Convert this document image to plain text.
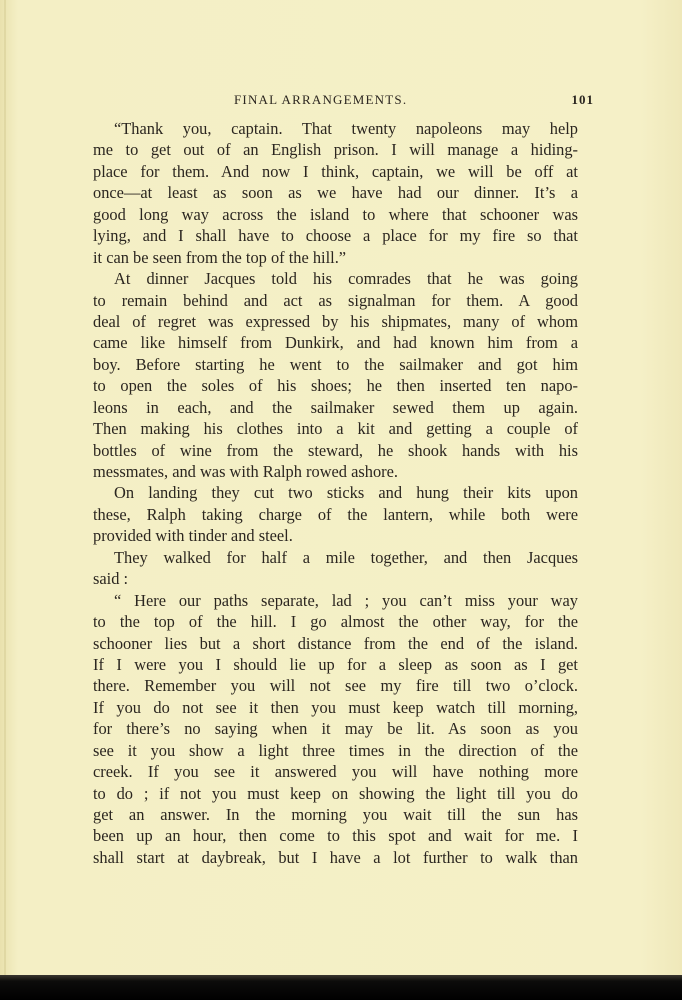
FINAL ARRANGEMENTS.	101
“Thank you, captain. That twenty napoleons may help
me to get out of an English prison. I will manage a hiding-
place for them. And now I think, captain, we will be off at
once—at least as soon as we have had our dinner. It’s a
good long way across the island to where that schooner was
lying, and I shall have to choose a place for my fire so that
it can be seen from the top of the hill.”
At dinner Jacques told his comrades that he was going
to remain behind and act as signalman for them. A good
deal of regret was expressed by his shipmates, many of whom
came like himself from Dunkirk, and had known him from a
boy. Before starting he went to the sailmaker and got him
to open the soles of his shoes; he then inserted ten napo-
leons in each, and the sailmaker sewed them up again.
Then making his clothes into a kit and getting a couple of
bottles of wine from the steward, he shook hands with his
messmates, and was with Ralph rowed ashore.
On landing they cut two sticks and hung their kits upon
these, Ralph taking charge of the lantern, while both were
provided with tinder and steel.
They walked for half a mile together, and then Jacques
said :
“ Here our paths separate, lad ; you can’t miss your way
to the top of the hill. I go almost the other way, for the
schooner lies but a short distance from the end of the island.
If I were you I should lie up for a sleep as soon as I get
there. Remember you will not see my fire till two o’clock.
If you do not see it then you must keep watch till morning,
for there’s no saying when it may be lit. As soon as you
see it you show a light three times in the direction of the
creek. If you see it answered you will have nothing more
to do ; if not you must keep on showing the light till you do
get an answer. In the morning you wait till the sun has
been up an hour, then come to this spot and wait for me. I
shall start at daybreak, but I have a lot further to walk than
